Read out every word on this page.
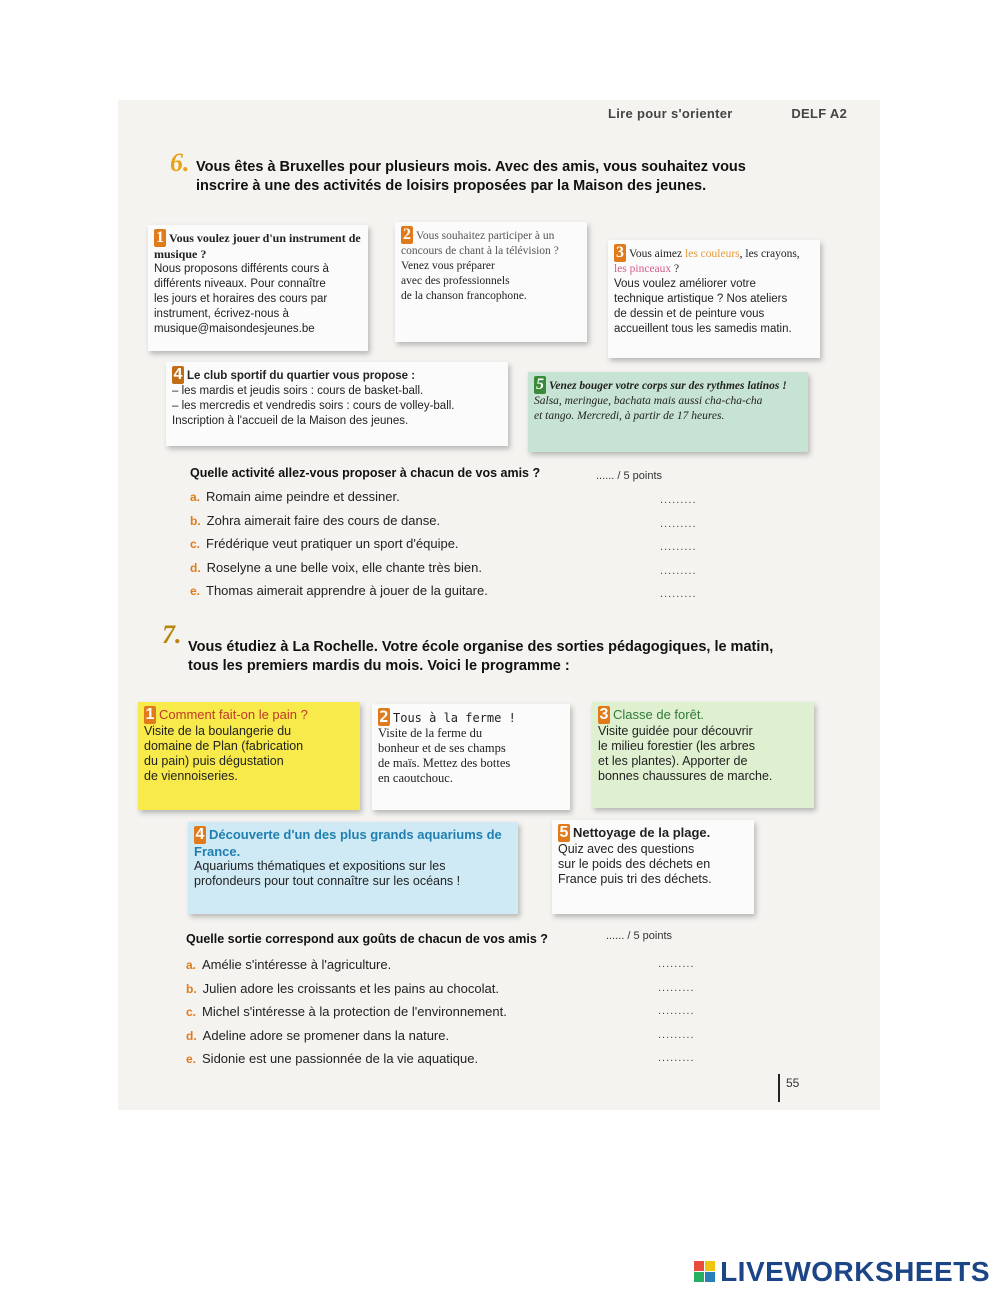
Lire pour s'orienter	DELF A2
6. Vous êtes à Bruxelles pour plusieurs mois. Avec des amis, vous souhaitez vous inscrire à une des activités de loisirs proposées par la Maison des jeunes.
1 Vous voulez jouer d'un instrument de musique ?
Nous proposons différents cours à
différents niveaux. Pour connaître
les jours et horaires des cours par
instrument, écrivez-nous à
musique@maisondesjeunes.be
2 Vous souhaitez participer à un concours de chant à la télévision ?
Venez vous préparer
avec des professionnels
de la chanson francophone.
3 Vous aimez les couleurs, les crayons, les pinceaux ?
Vous voulez améliorer votre
technique artistique ? Nos ateliers
de dessin et de peinture vous
accueillent tous les samedis matin.
4 Le club sportif du quartier vous propose :
– les mardis et jeudis soirs : cours de basket-ball.
– les mercredis et vendredis soirs : cours de volley-ball.
Inscription à l'accueil de la Maison des jeunes.
5 Venez bouger votre corps sur des rythmes latinos !
Salsa, meringue, bachata mais aussi cha-cha-cha
et tango. Mercredi, à partir de 17 heures.
Quelle activité allez-vous proposer à chacun de vos amis ?	...... / 5 points
a. Romain aime peindre et dessiner.	.........
b. Zohra aimerait faire des cours de danse.	.........
c. Frédérique veut pratiquer un sport d'équipe.	.........
d. Roselyne a une belle voix, elle chante très bien.	.........
e. Thomas aimerait apprendre à jouer de la guitare.	.........
7. Vous étudiez à La Rochelle. Votre école organise des sorties pédagogiques, le matin, tous les premiers mardis du mois. Voici le programme :
1 Comment fait-on le pain ?
Visite de la boulangerie du
domaine de Plan (fabrication
du pain) puis dégustation
de viennoiseries.
2 Tous à la ferme !
Visite de la ferme du
bonheur et de ses champs
de maïs. Mettez des bottes
en caoutchouc.
3 Classe de forêt.
Visite guidée pour découvrir
le milieu forestier (les arbres
et les plantes). Apporter de
bonnes chaussures de marche.
4 Découverte d'un des plus grands aquariums de France.
Aquariums thématiques et expositions sur les
profondeurs pour tout connaître sur les océans !
5 Nettoyage de la plage.
Quiz avec des questions
sur le poids des déchets en
France puis tri des déchets.
Quelle sortie correspond aux goûts de chacun de vos amis ?	...... / 5 points
a. Amélie s'intéresse à l'agriculture.	.........
b. Julien adore les croissants et les pains au chocolat.	.........
c. Michel s'intéresse à la protection de l'environnement.	.........
d. Adeline adore se promener dans la nature.	.........
e. Sidonie est une passionnée de la vie aquatique.	.........
55
LIVEWORKSHEETS
